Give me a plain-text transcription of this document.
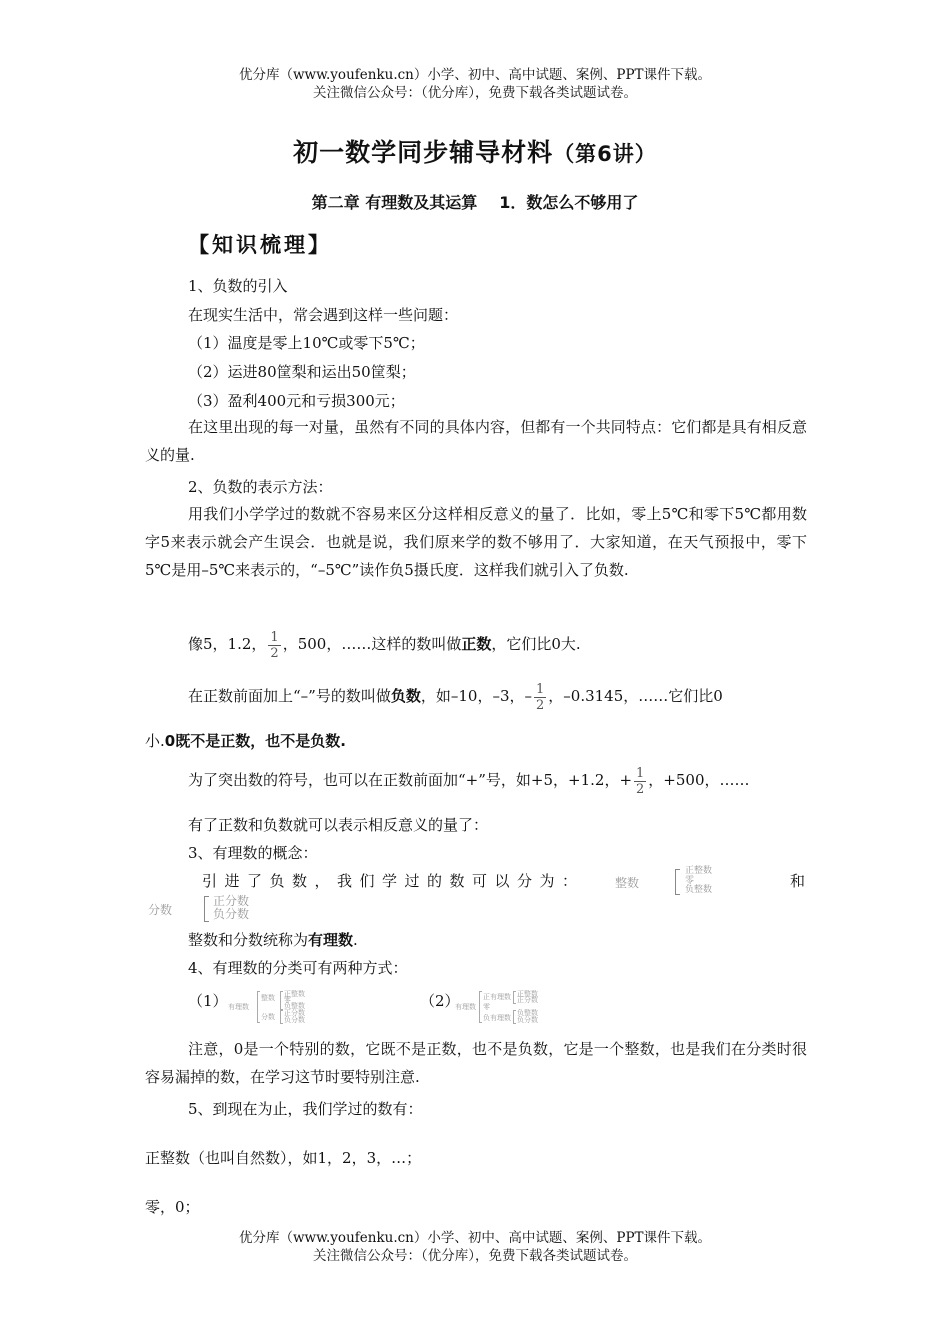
优分库（www.youfenku.cn）小学、初中、高中试题、案例、PPT课件下载。
关注微信公众号：（优分库），免费下载各类试题试卷。
初一数学同步辅导材料（第6讲）
第二章 有理数及其运算 1．数怎么不够用了
【知识梳理】
1、负数的引入
在现实生活中，常会遇到这样一些问题：
（1）温度是零上10℃或零下5℃；
（2）运进80筐梨和运出50筐梨；
（3）盈利400元和亏损300元；
在这里出现的每一对量，虽然有不同的具体内容，但都有一个共同特点：它们都是具有相反意义的量.
2、负数的表示方法：
用我们小学学过的数就不容易来区分这样相反意义的量了．比如，零上5℃和零下5℃都用数字5来表示就会产生误会．也就是说，我们原来学的数不够用了．大家知道，在天气预报中，零下5℃是用–5℃来表示的，“–5℃”读作负5摄氏度．这样我们就引入了负数.
像5，1.2， $\frac{1}{2}$ ，500，……这样的数叫做正数，它们比0大.
在正数前面加上“–”号的数叫做负数，如–10，–3，– $\frac{1}{2}$ ，–0.3145，……它们比0
小.0既不是正数，也不是负数.
为了突出数的符号，也可以在正数前面加“+”号，如+5，+1.2，+ $\frac{1}{2}$ ，+500，……
有了正数和负数就可以表示相反意义的量了：
3、有理数的概念：
引进了负数，我们学过的数可以分为：	整数
正整数
零
负整数	和
分数
正分数
负分数
整数和分数统称为有理数.
4、有理数的分类可有两种方式：
（1） 有理数
整数
分数
正整数
零
负整数
正分数
负分数
（2）
有理数
正有理数
零
负有理数
正整数
正分数
负整数
负分数
注意，0是一个特别的数，它既不是正数，也不是负数，它是一个整数，也是我们在分类时很容易漏掉的数，在学习这节时要特别注意.
5、到现在为止，我们学过的数有：
正整数（也叫自然数），如1，2，3，…；
零，0；
优分库（www.youfenku.cn）小学、初中、高中试题、案例、PPT课件下载。
关注微信公众号：（优分库），免费下载各类试题试卷。
